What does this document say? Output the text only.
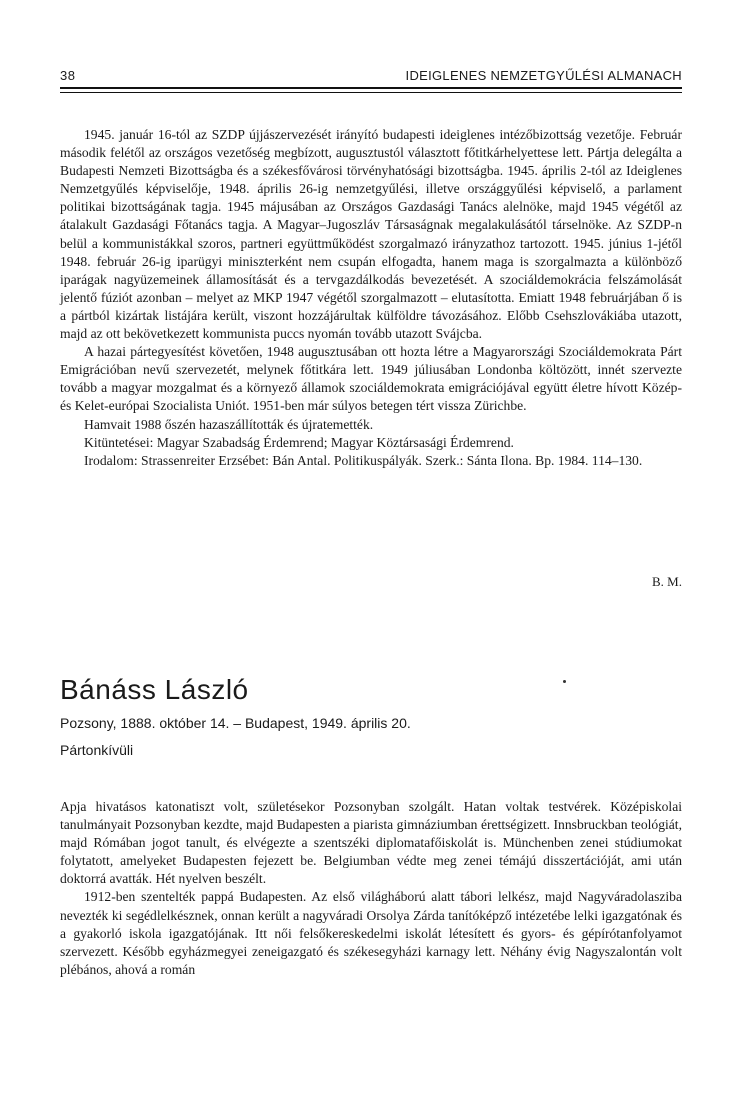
38	IDEIGLENES NEMZETGYŰLÉSI ALMANACH

1945. január 16-tól az SZDP újjászervezését irányító budapesti ideiglenes intézőbizottság vezetője. Február második felétől az országos vezetőség megbízott, augusztustól választott főtitkárhelyettese lett. Pártja delegálta a Budapesti Nemzeti Bizottságba és a székesfővárosi törvényhatósági bizottságba. 1945. április 2-tól az Ideiglenes Nemzetgyűlés képviselője, 1948. április 26-ig nemzetgyűlési, illetve országgyűlési képviselő, a parlament politikai bizottságának tagja. 1945 májusában az Országos Gazdasági Tanács alelnöke, majd 1945 végétől az átalakult Gazdasági Főtanács tagja. A Magyar–Jugoszláv Társaságnak megalakulásától társelnöke. Az SZDP-n belül a kommunistákkal szoros, partneri együttműködést szorgalmazó irányzathoz tartozott. 1945. június 1-jétől 1948. február 26-ig iparügyi miniszterként nem csupán elfogadta, hanem maga is szorgalmazta a különböző iparágak nagyüzemeinek államosítását és a tervgazdálkodás bevezetését. A szociáldemokrácia felszámolását jelentő fúziót azonban – melyet az MKP 1947 végétől szorgalmazott – elutasította. Emiatt 1948 februárjában ő is a pártból kizártak listájára került, viszont hozzájárultak külföldre távozásához. Előbb Csehszlovákiába utazott, majd az ott bekövetkezett kommunista puccs nyomán tovább utazott Svájcba.

A hazai pártegyesítést követően, 1948 augusztusában ott hozta létre a Magyarországi Szociáldemokrata Párt Emigrációban nevű szervezetét, melynek főtitkára lett. 1949 júliusában Londonba költözött, innét szervezte tovább a magyar mozgalmat és a környező államok szociáldemokrata emigrációjával együtt életre hívott Közép- és Kelet-európai Szocialista Uniót. 1951-ben már súlyos betegen tért vissza Zürichbe.

Hamvait 1988 őszén hazaszállították és újratemették.

Kitüntetései: Magyar Szabadság Érdemrend; Magyar Köztársasági Érdemrend.

Irodalom: Strassenreiter Erzsébet: Bán Antal. Politikuspályák. Szerk.: Sánta Ilona. Bp. 1984. 114–130.

B. M.
Bánáss László
Pozsony, 1888. október 14. – Budapest, 1949. április 20.
Pártonkívüli

Apja hivatásos katonatiszt volt, születésekor Pozsonyban szolgált. Hatan voltak testvérek. Középiskolai tanulmányait Pozsonyban kezdte, majd Budapesten a piarista gimnáziumban érettségizett. Innsbruckban teológiát, majd Rómában jogot tanult, és elvégezte a szentszéki diplomatafőiskolát is. Münchenben zenei stúdiumokat folytatott, amelyeket Budapesten fejezett be. Belgiumban védte meg zenei témájú disszertációját, ami után doktorrá avatták. Hét nyelven beszélt.

1912-ben szentelték pappá Budapesten. Az első világháború alatt tábori lelkész, majd Nagyváradolasziba nevezték ki segédlelkésznek, onnan került a nagyváradi Orsolya Zárda tanítóképző intézetébe lelki igazgatónak és a gyakorló iskola igazgatójának. Itt női felsőkereskedelmi iskolát létesített és gyors- és gépírótanfolyamot szervezett. Később egyházmegyei zeneigazgató és székesegyházi karnagy lett. Néhány évig Nagyszalontán volt plébános, ahová a román
